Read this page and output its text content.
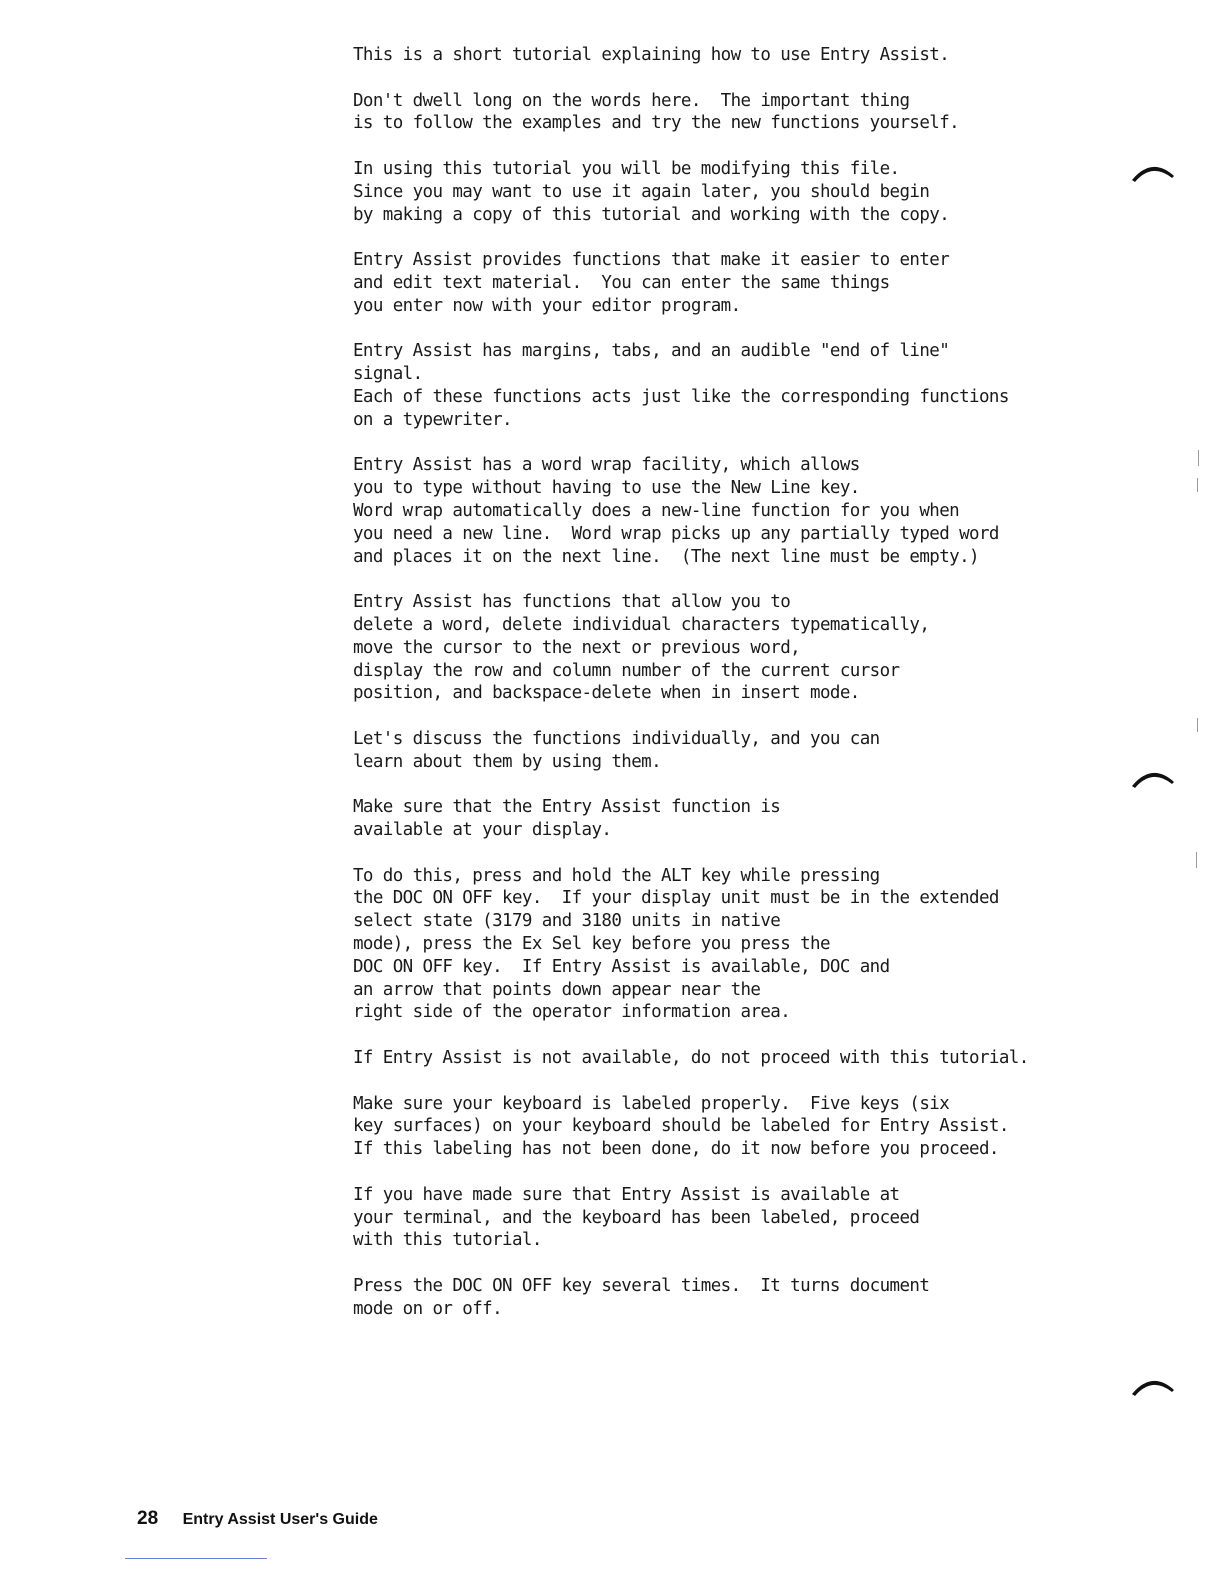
This is a short tutorial explaining how to use Entry Assist.
Don't dwell long on the words here.  The important thing
is to follow the examples and try the new functions yourself.
In using this tutorial you will be modifying this file.
Since you may want to use it again later, you should begin
by making a copy of this tutorial and working with the copy.
Entry Assist provides functions that make it easier to enter
and edit text material.  You can enter the same things
you enter now with your editor program.
Entry Assist has margins, tabs, and an audible "end of line"
signal.
Each of these functions acts just like the corresponding functions
on a typewriter.
Entry Assist has a word wrap facility, which allows
you to type without having to use the New Line key.
Word wrap automatically does a new-line function for you when
you need a new line.  Word wrap picks up any partially typed word
and places it on the next line.  (The next line must be empty.)
Entry Assist has functions that allow you to
delete a word, delete individual characters typematically,
move the cursor to the next or previous word,
display the row and column number of the current cursor
position, and backspace-delete when in insert mode.
Let's discuss the functions individually, and you can
learn about them by using them.
Make sure that the Entry Assist function is
available at your display.
To do this, press and hold the ALT key while pressing
the DOC ON OFF key.  If your display unit must be in the extended
select state (3179 and 3180 units in native
mode), press the Ex Sel key before you press the
DOC ON OFF key.  If Entry Assist is available, DOC and
an arrow that points down appear near the
right side of the operator information area.
If Entry Assist is not available, do not proceed with this tutorial.
Make sure your keyboard is labeled properly.  Five keys (six
key surfaces) on your keyboard should be labeled for Entry Assist.
If this labeling has not been done, do it now before you proceed.
If you have made sure that Entry Assist is available at
your terminal, and the keyboard has been labeled, proceed
with this tutorial.
Press the DOC ON OFF key several times.  It turns document
mode on or off.
28 Entry Assist User's Guide
